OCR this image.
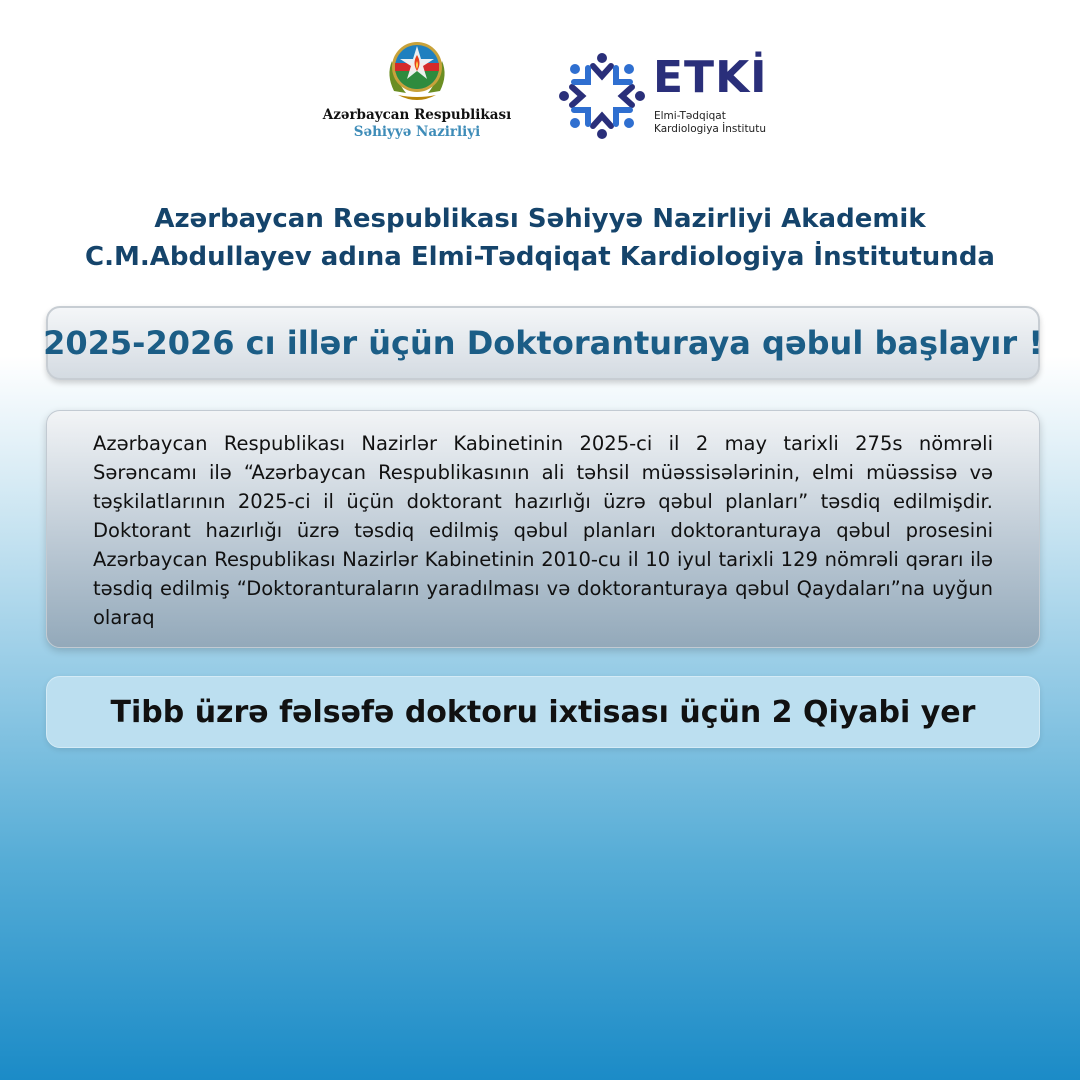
Azərbaycan Respublikası
Səhiyyə Nazirliyi
ETKİ
Elmi-Tədqiqat
Kardiologiya İnstitutu
Azərbaycan Respublikası Səhiyyə Nazirliyi Akademik
C.M.Abdullayev adına Elmi-Tədqiqat Kardiologiya İnstitutunda
2025-2026 cı illər üçün Doktoranturaya qəbul başlayır !

Azərbaycan Respublikası Nazirlər Kabinetinin 2025-ci il 2 may tarixli 275s nömrəli Sərəncamı ilə “Azərbaycan Respublikasının ali təhsil müəssisələrinin, elmi müəssisə və təşkilatlarının 2025-ci il üçün doktorant hazırlığı üzrə qəbul planları” təsdiq edilmişdir. Doktorant hazırlığı üzrə təsdiq edilmiş qəbul planları doktoranturaya qəbul prosesini Azərbaycan Respublikası Nazirlər Kabinetinin 2010-cu il 10 iyul tarixli 129 nömrəli qərarı ilə təsdiq edilmiş “Doktoranturaların yaradılması və doktoranturaya qəbul Qaydaları”na uyğun olaraq

Tibb üzrə fəlsəfə doktoru ixtisası üçün 2 Qiyabi yer
